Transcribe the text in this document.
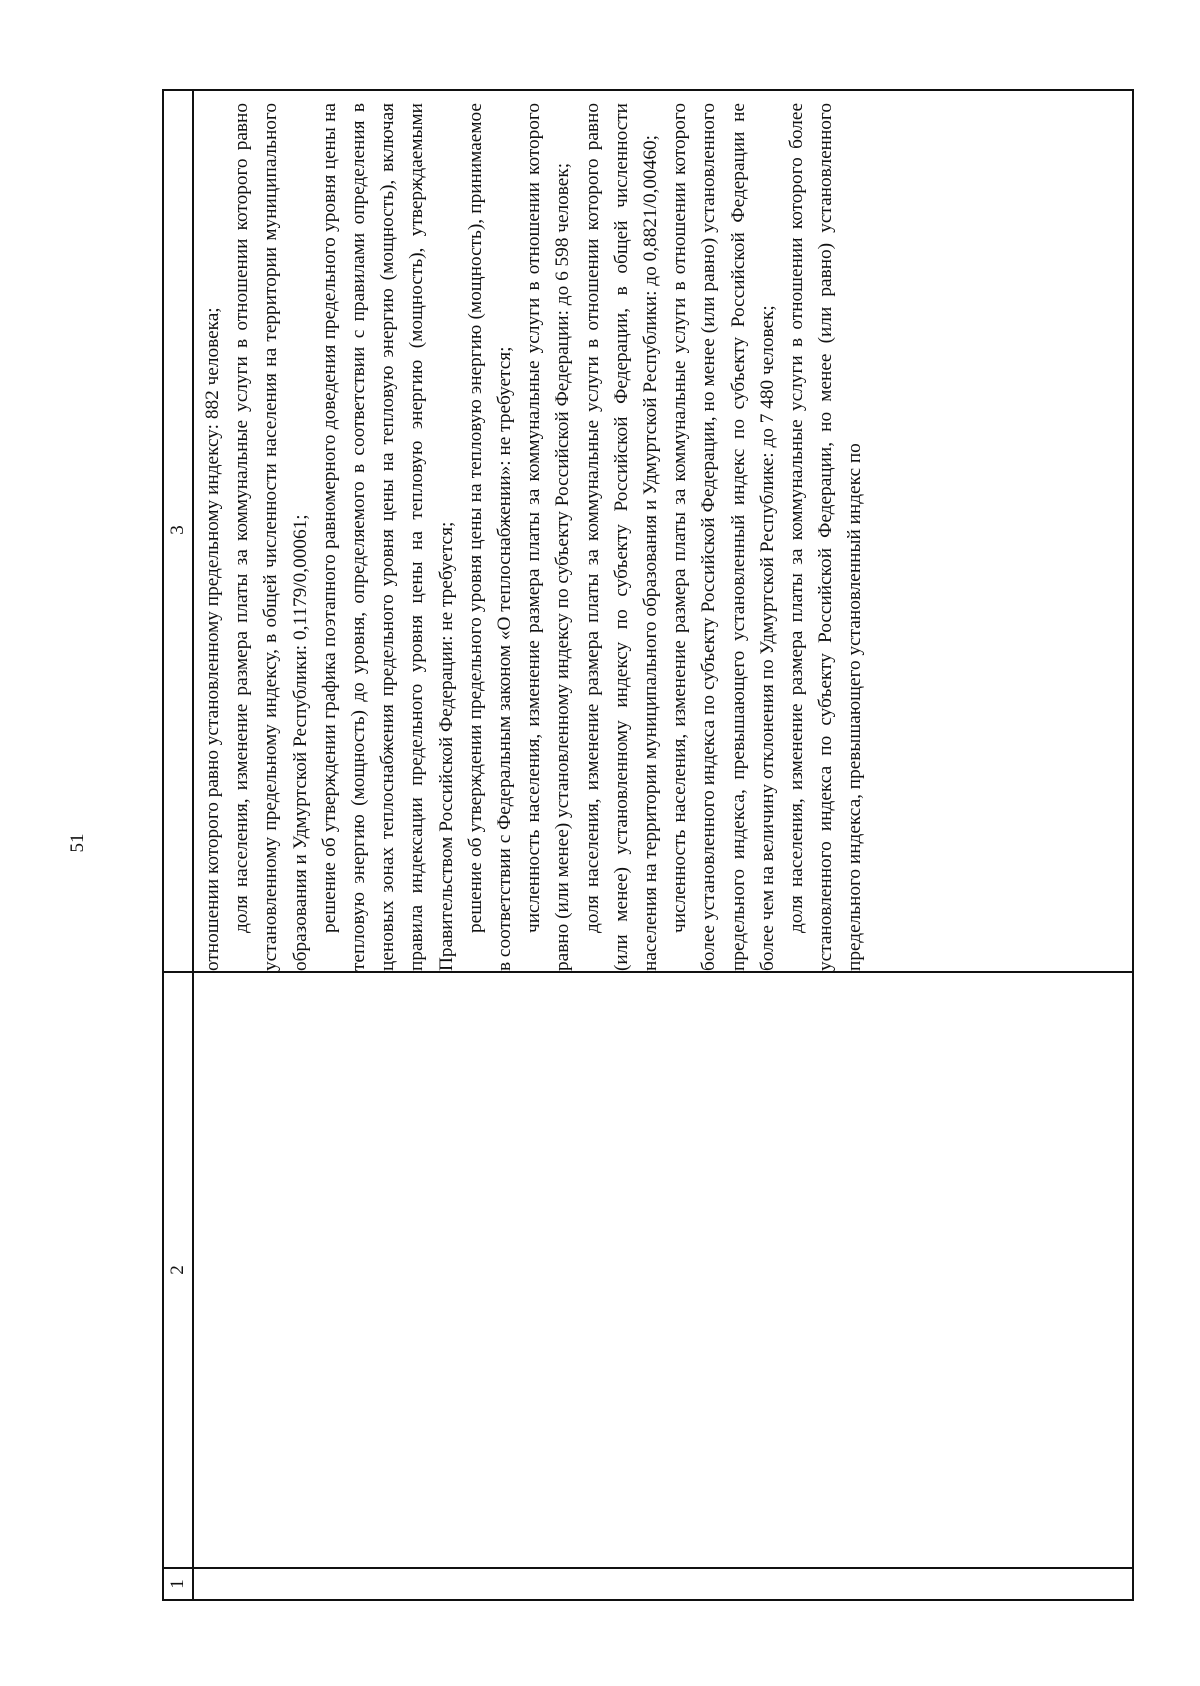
51
1
2
3 отношении которого равно установленному предельному индексу: 882 человека; доля населения, изменение размера платы за коммунальные услуги в отношении которого равно установленному предельному индексу, в общей численности населения на территории муниципального образования и Удмуртской Республики: 0,1179/0,00061; решение об утверждении графика поэтапного равномерного доведения предельного уровня цены на тепловую энергию (мощность) до уровня, определяемого в соответствии с правилами определения в ценовых зонах теплоснабжения предельного уровня цены на тепловую энергию (мощность), включая правила индексации предельного уровня цены на тепловую энергию (мощность), утверждаемыми Правительством Российской Федерации: не требуется; решение об утверждении предельного уровня цены на тепловую энергию (мощность), принимаемое в соответствии с Федеральным законом «О теплоснабжении»: не требуется; численность населения, изменение размера платы за коммунальные услуги в отношении которого равно (или менее) установленному индексу по субъекту Российской Федерации: до 6 598 человек; доля населения, изменение размера платы за коммунальные услуги в отношении которого равно (или менее) установленному индексу по субъекту Российской Федерации, в общей численности населения на территории муниципального образования и Удмуртской Республики: до 0,8821/0,00460; численность населения, изменение размера платы за коммунальные услуги в отношении которого более установленного индекса по субъекту Российской Федерации, но менее (или равно) установленного предельного индекса, превышающего установленный индекс по субъекту Российской Федерации не более чем на величину отклонения по Удмуртской Республике: до 7 480 человек; доля населения, изменение размера платы за коммунальные услуги в отношении которого более установленного индекса по субъекту Российской Федерации, но менее (или равно) установленного предельного индекса, превышающего установленный индекс по
